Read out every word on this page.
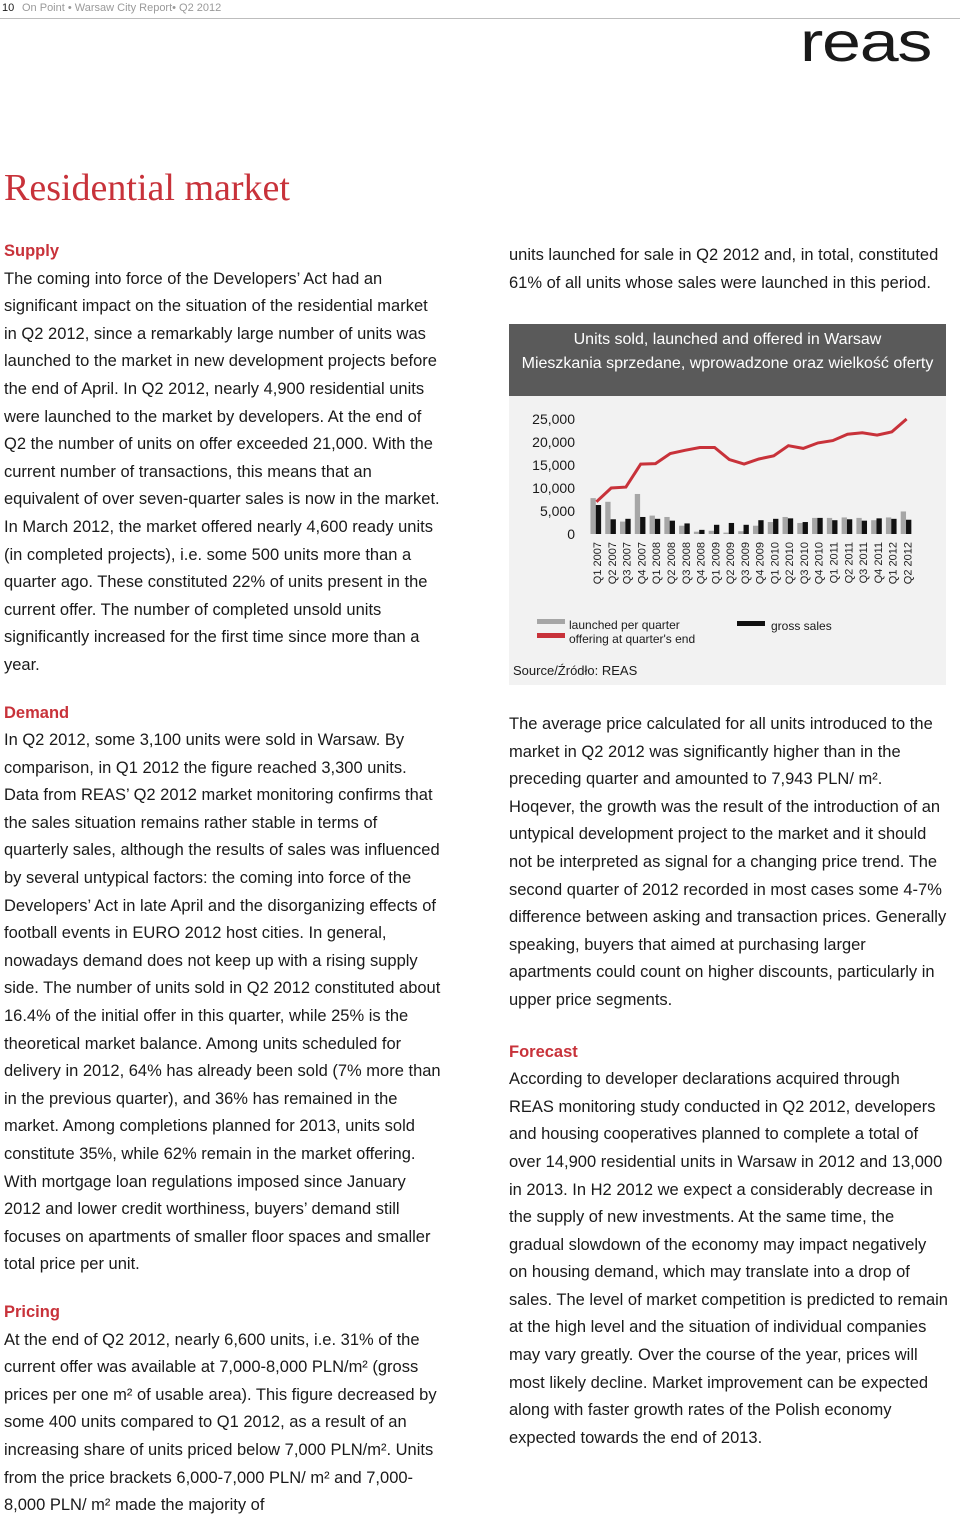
10 On Point • Warsaw City Report• Q2 2012
reas
Residential market
Supply

The coming into force of the Developers’ Act had an significant impact on the situation of the residential market in Q2 2012, since a remarkably large number of units was launched to the market in new development projects before the end of April. In Q2 2012, nearly 4,900 residential units were launched to the market by developers. At the end of Q2 the number of units on offer exceeded 21,000. With the current number of transactions, this means that an equivalent of over seven-quarter sales is now in the market. In March 2012, the market offered nearly 4,600 ready units (in completed projects), i.e. some 500 units more than a quarter ago. These constituted 22% of units present in the current offer. The number of completed unsold units significantly increased for the first time since more than a year.

Demand

In Q2 2012, some 3,100 units were sold in Warsaw. By comparison, in Q1 2012 the figure reached 3,300 units. Data from REAS’ Q2 2012 market monitoring confirms that the sales situation remains rather stable in terms of quarterly sales, although the results of sales was influenced by several untypical factors: the coming into force of the Developers’ Act in late April and the disorganizing effects of football events in EURO 2012 host cities. In general, nowadays demand does not keep up with a rising supply side. The number of units sold in Q2 2012 constituted about 16.4% of the initial offer in this quarter, while 25% is the theoretical market balance. Among units scheduled for delivery in 2012, 64% has already been sold (7% more than in the previous quarter), and 36% has remained in the market. Among completions planned for 2013, units sold constitute 35%, while 62% remain in the market offering. With mortgage loan regulations imposed since January 2012 and lower credit worthiness, buyers’ demand still focuses on apartments of smaller floor spaces and smaller total price per unit.

Pricing

At the end of Q2 2012, nearly 6,600 units, i.e. 31% of the current offer was available at 7,000-8,000 PLN/m² (gross prices per one m² of usable area). This figure decreased by some 400 units compared to Q1 2012, as a result of an increasing share of units priced below 7,000 PLN/m². Units from the price brackets 6,000-7,000 PLN/ m² and 7,000-8,000 PLN/ m² made the majority of

units launched for sale in Q2 2012 and, in total, constituted 61% of all units whose sales were launched in this period.

Units sold, launched and offered in Warsaw
Mieszkania sprzedane, wprowadzone oraz wielkość oferty
25,000
20,000
15,000
10,000
5,000
0
Q1 2007 Q2 2007 Q3 2007 Q4 2007 Q1 2008 Q2 2008 Q3 2008 Q4 2008 Q1 2009 Q2 2009 Q3 2009 Q4 2009 Q1 2010 Q2 2010 Q3 2010 Q4 2010 Q1 2011 Q2 2011 Q3 2011 Q4 2011 Q1 2012 Q2 2012
launched per quarter
offering at quarter's end
gross sales
Source/Źródło: REAS

The average price calculated for all units introduced to the market in Q2 2012 was significantly higher than in the preceding quarter and amounted to 7,943 PLN/ m². Hoqever, the growth was the result of the introduction of an untypical development project to the market and it should not be interpreted as signal for a changing price trend. The second quarter of 2012 recorded in most cases some 4-7% difference between asking and transaction prices. Generally speaking, buyers that aimed at purchasing larger apartments could count on higher discounts, particularly in upper price segments.

Forecast

According to developer declarations acquired through REAS monitoring study conducted in Q2 2012, developers and housing cooperatives planned to complete a total of over 14,900 residential units in Warsaw in 2012 and 13,000 in 2013. In H2 2012 we expect a considerably decrease in the supply of new investments. At the same time, the gradual slowdown of the economy may impact negatively on housing demand, which may translate into a drop of sales. The level of market competition is predicted to remain at the high level and the situation of individual companies may vary greatly. Over the course of the year, prices will most likely decline. Market improvement can be expected along with faster growth rates of the Polish economy expected towards the end of 2013.
